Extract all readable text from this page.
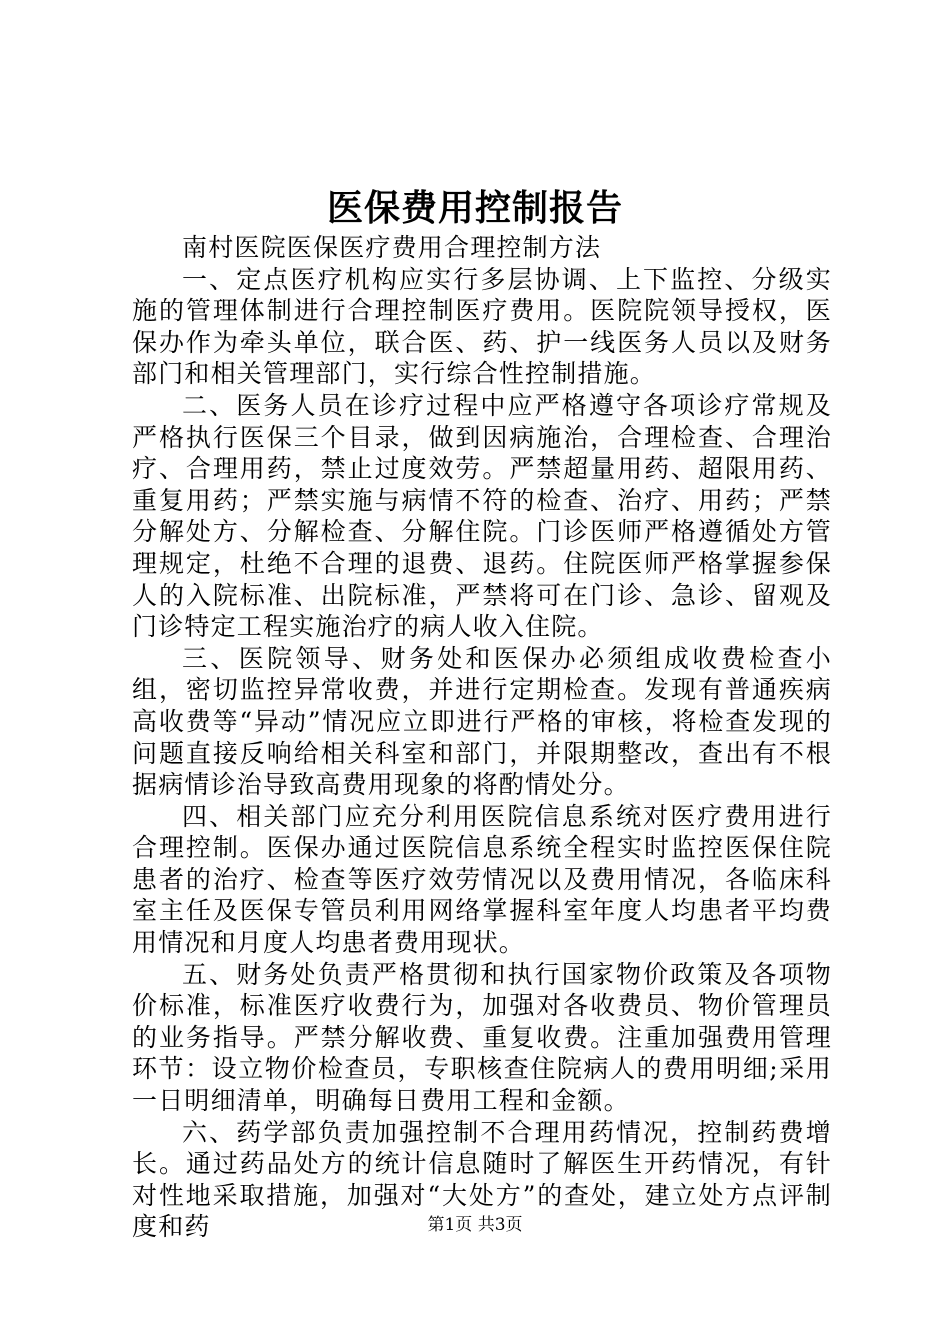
医保费用控制报告

南村医院医保医疗费用合理控制方法

一、定点医疗机构应实行多层协调、上下监控、分级实施的管理体制进行合理控制医疗费用。医院院领导授权，医保办作为牵头单位，联合医、药、护一线医务人员以及财务部门和相关管理部门，实行综合性控制措施。

二、医务人员在诊疗过程中应严格遵守各项诊疗常规及严格执行医保三个目录，做到因病施治，合理检查、合理治疗、合理用药，禁止过度效劳。严禁超量用药、超限用药、重复用药；严禁实施与病情不符的检查、治疗、用药；严禁分解处方、分解检查、分解住院。门诊医师严格遵循处方管理规定，杜绝不合理的退费、退药。住院医师严格掌握参保人的入院标准、出院标准，严禁将可在门诊、急诊、留观及门诊特定工程实施治疗的病人收入住院。

三、医院领导、财务处和医保办必须组成收费检查小组，密切监控异常收费，并进行定期检查。发现有普通疾病高收费等“异动”情况应立即进行严格的审核，将检查发现的问题直接反响给相关科室和部门，并限期整改，查出有不根据病情诊治导致高费用现象的将酌情处分。

四、相关部门应充分利用医院信息系统对医疗费用进行合理控制。医保办通过医院信息系统全程实时监控医保住院患者的治疗、检查等医疗效劳情况以及费用情况，各临床科室主任及医保专管员利用网络掌握科室年度人均患者平均费用情况和月度人均患者费用现状。

五、财务处负责严格贯彻和执行国家物价政策及各项物价标准，标准医疗收费行为，加强对各收费员、物价管理员的业务指导。严禁分解收费、重复收费。注重加强费用管理环节：设立物价检查员，专职核查住院病人的费用明细;采用一日明细清单，明确每日费用工程和金额。

六、药学部负责加强控制不合理用药情况，控制药费增长。通过药品处方的统计信息随时了解医生开药情况，有针对性地采取措施，加强对“大处方”的查处，建立处方点评制度和药	第1页 共3页
